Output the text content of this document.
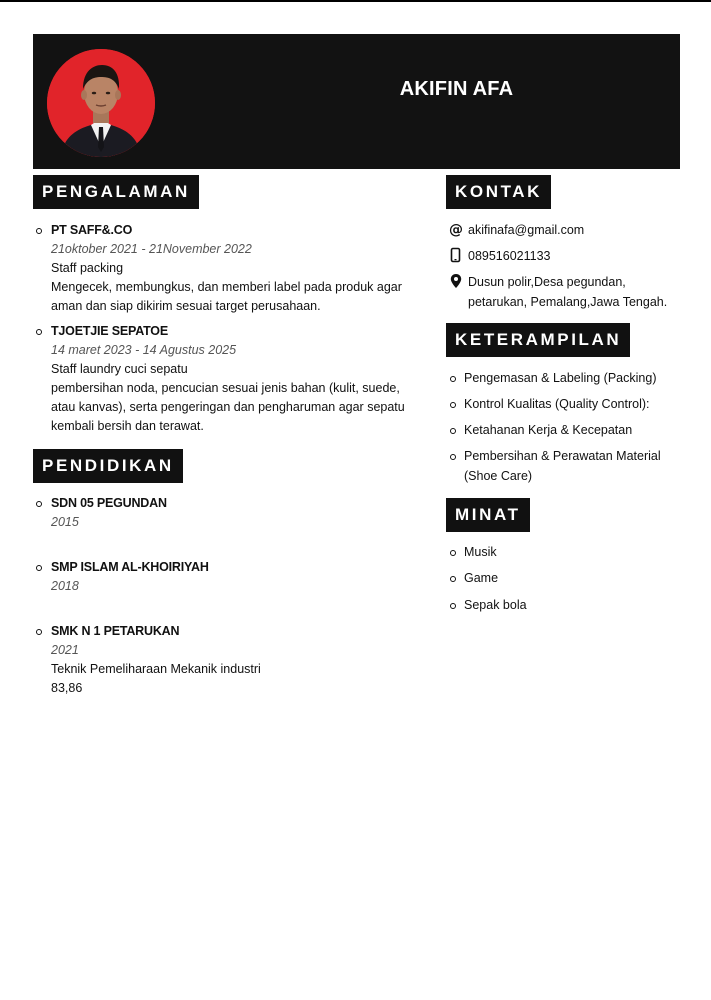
AKIFIN AFA
PENGALAMAN
PT SAFF&.CO
21oktober 2021 - 21November 2022
Staff packing
Mengecek, membungkus, dan memberi label pada produk agar
aman dan siap dikirim sesuai target perusahaan.
TJOETJIE SEPATOE
14 maret 2023 - 14 Agustus 2025
Staff laundry cuci sepatu
pembersihan noda, pencucian sesuai jenis bahan (kulit, suede,
atau kanvas), serta pengeringan dan pengharuman agar sepatu
kembali bersih dan terawat.
PENDIDIKAN
SDN 05 PEGUNDAN
2015
SMP ISLAM AL-KHOIRIYAH
2018
SMK N 1 PETARUKAN
2021
Teknik Pemeliharaan Mekanik industri
83,86
KONTAK
@ akifinafa@gmail.com
089516021133
Dusun polir,Desa pegundan,
petarukan, Pemalang,Jawa Tengah.
KETERAMPILAN
Pengemasan & Labeling (Packing)
Kontrol Kualitas (Quality Control):
Ketahanan Kerja & Kecepatan
Pembersihan & Perawatan Material
(Shoe Care)
MINAT
Musik
Game
Sepak bola
